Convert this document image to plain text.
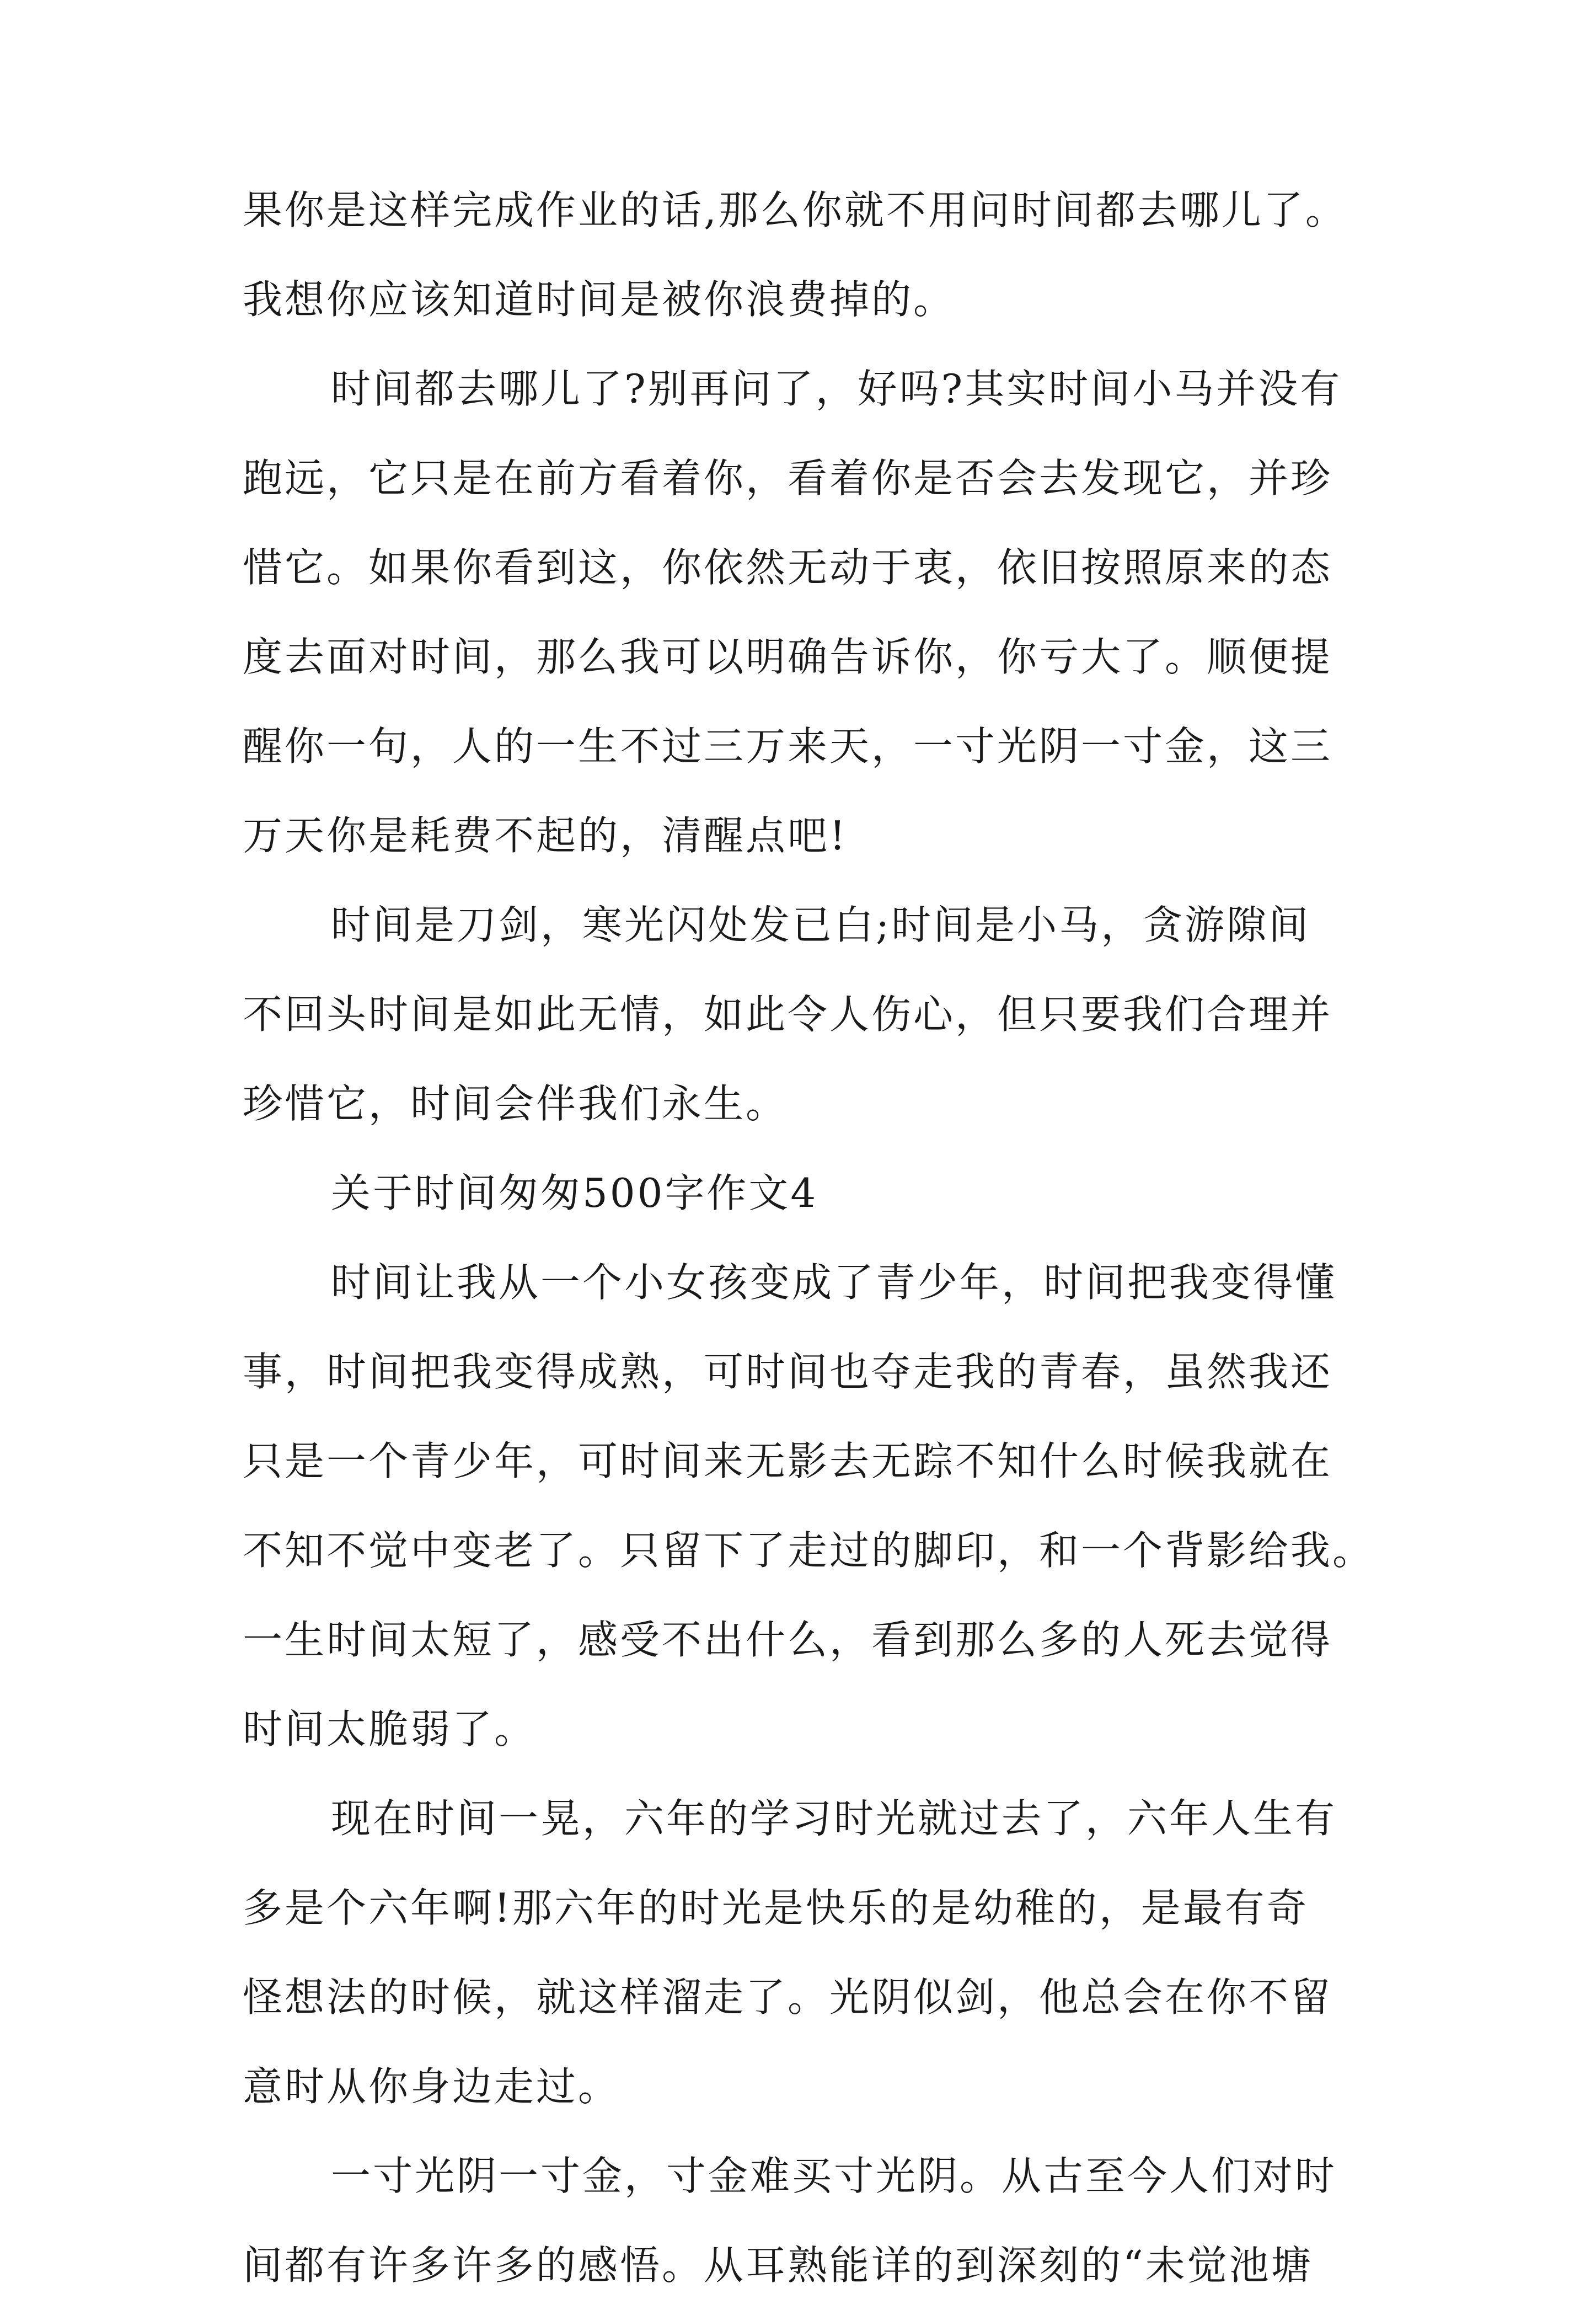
果你是这样完成作业的话,那么你就不用问时间都去哪儿了。
我想你应该知道时间是被你浪费掉的。
时间都去哪儿了?别再问了，好吗?其实时间小马并没有
跑远，它只是在前方看着你，看着你是否会去发现它，并珍
惜它。如果你看到这，你依然无动于衷，依旧按照原来的态
度去面对时间，那么我可以明确告诉你，你亏大了。顺便提
醒你一句，人的一生不过三万来天，一寸光阴一寸金，这三
万天你是耗费不起的，清醒点吧!
时间是刀剑，寒光闪处发已白;时间是小马，贪游隙间
不回头时间是如此无情，如此令人伤心，但只要我们合理并
珍惜它，时间会伴我们永生。
关于时间匆匆500字作文4
时间让我从一个小女孩变成了青少年，时间把我变得懂
事，时间把我变得成熟，可时间也夺走我的青春，虽然我还
只是一个青少年，可时间来无影去无踪不知什么时候我就在
不知不觉中变老了。只留下了走过的脚印，和一个背影给我。
一生时间太短了，感受不出什么，看到那么多的人死去觉得
时间太脆弱了。
现在时间一晃，六年的学习时光就过去了，六年人生有
多是个六年啊!那六年的时光是快乐的是幼稚的，是最有奇
怪想法的时候，就这样溜走了。光阴似剑，他总会在你不留
意时从你身边走过。
一寸光阴一寸金，寸金难买寸光阴。从古至今人们对时
间都有许多许多的感悟。从耳熟能详的到深刻的“未觉池塘
